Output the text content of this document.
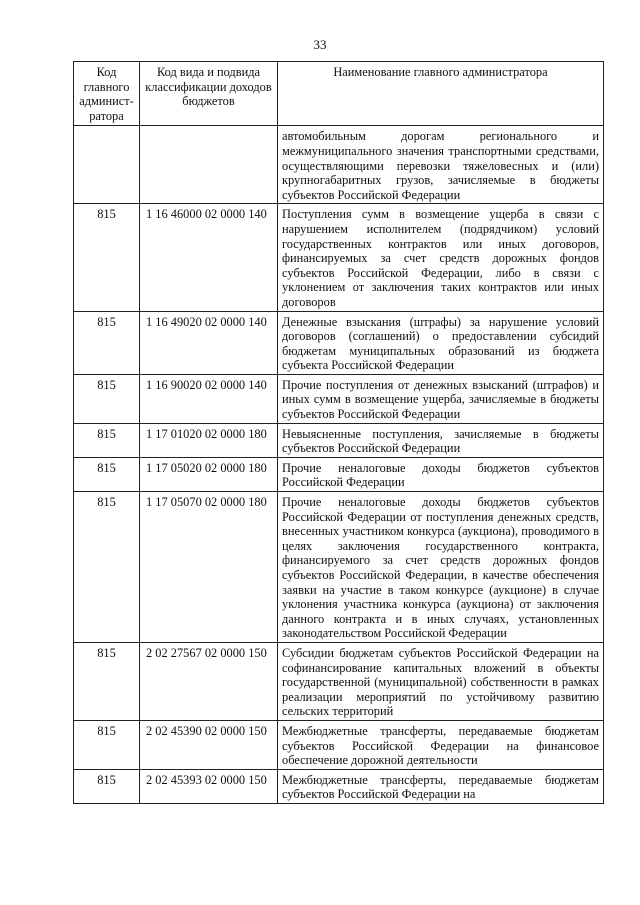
33
Код главного админист-ратора	Код вида и подвида классификации доходов бюджетов	Наименование главного администратора
		автомобильным дорогам регионального и межмуниципального значения транспортными средствами, осуществляющими перевозки тяжеловесных и (или) крупногабаритных грузов, зачисляемые в бюджеты субъектов Российской Федерации
815	1 16 46000 02 0000 140	Поступления сумм в возмещение ущерба в связи с нарушением исполнителем (подрядчиком) условий государственных контрактов или иных договоров, финансируемых за счет средств дорожных фондов субъектов Российской Федерации, либо в связи с уклонением от заключения таких контрактов или иных договоров
815	1 16 49020 02 0000 140	Денежные взыскания (штрафы) за нарушение условий договоров (соглашений) о предоставлении субсидий бюджетам муниципальных образований из бюджета субъекта Российской Федерации
815	1 16 90020 02 0000 140	Прочие поступления от денежных взысканий (штрафов) и иных сумм в возмещение ущерба, зачисляемые в бюджеты субъектов Российской Федерации
815	1 17 01020 02 0000 180	Невыясненные поступления, зачисляемые в бюджеты субъектов Российской Федерации
815	1 17 05020 02 0000 180	Прочие неналоговые доходы бюджетов субъектов Российской Федерации
815	1 17 05070 02 0000 180	Прочие неналоговые доходы бюджетов субъектов Российской Федерации от поступления денежных средств, внесенных участником конкурса (аукциона), проводимого в целях заключения государственного контракта, финансируемого за счет средств дорожных фондов субъектов Российской Федерации, в качестве обеспечения заявки на участие в таком конкурсе (аукционе) в случае уклонения участника конкурса (аукциона) от заключения данного контракта и в иных случаях, установленных законодательством Российской Федерации
815	2 02 27567 02 0000 150	Субсидии бюджетам субъектов Российской Федерации на софинансирование капитальных вложений в объекты государственной (муниципальной) собственности в рамках реализации мероприятий по устойчивому развитию сельских территорий
815	2 02 45390 02 0000 150	Межбюджетные трансферты, передаваемые бюджетам субъектов Российской Федерации на финансовое обеспечение дорожной деятельности
815	2 02 45393 02 0000 150	Межбюджетные трансферты, передаваемые бюджетам субъектов Российской Федерации на
